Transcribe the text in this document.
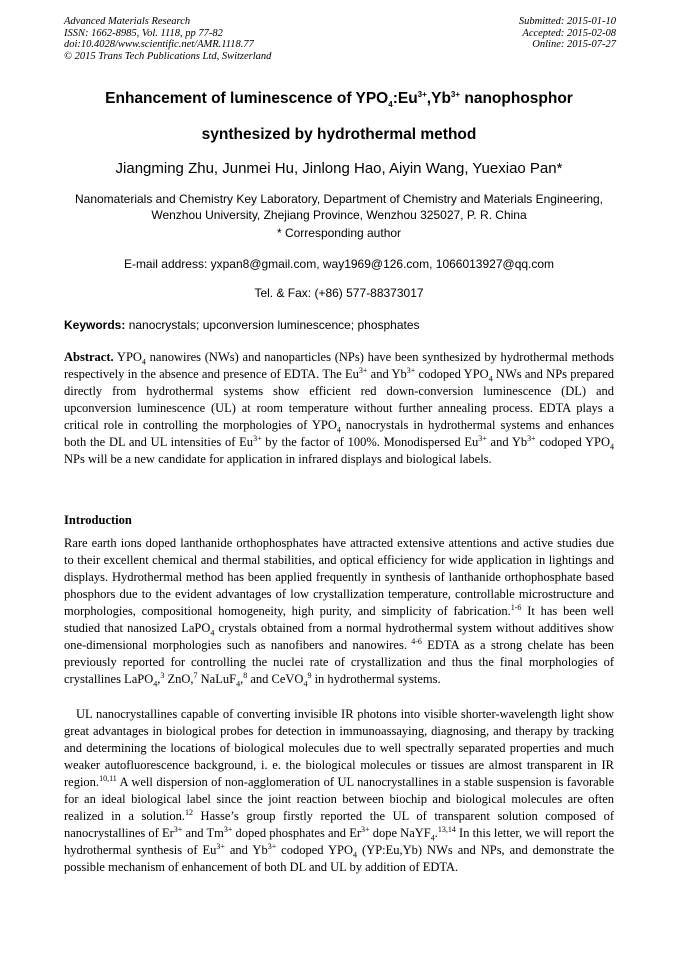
Advanced Materials Research
ISSN: 1662-8985, Vol. 1118, pp 77-82
doi:10.4028/www.scientific.net/AMR.1118.77
© 2015 Trans Tech Publications Ltd, Switzerland
Submitted: 2015-01-10
Accepted: 2015-02-08
Online: 2015-07-27
Enhancement of luminescence of $YPO_4:Eu^{3+},Yb^{3+}$ nanophosphor
synthesized by hydrothermal method
Jiangming Zhu, Junmei Hu, Jinlong Hao, Aiyin Wang, Yuexiao Pan*
Nanomaterials and Chemistry Key Laboratory, Department of Chemistry and Materials Engineering,
Wenzhou University, Zhejiang Province, Wenzhou 325027, P. R. China
* Corresponding author
E-mail address: yxpan8@gmail.com, way1969@126.com, 1066013927@qq.com
Tel. & Fax: (+86) 577-88373017
Keywords: nanocrystals; upconversion luminescence; phosphates
Abstract. $YPO_4$ nanowires (NWs) and nanoparticles (NPs) have been synthesized by hydrothermal methods respectively in the absence and presence of EDTA. The $Eu^{3+}$ and $Yb^{3+}$ codoped $YPO_4$ NWs and NPs prepared directly from hydrothermal systems show efficient red down-conversion luminescence (DL) and upconversion luminescence (UL) at room temperature without further annealing process. EDTA plays a critical role in controlling the morphologies of $YPO_4$ nanocrystals in hydrothermal systems and enhances both the DL and UL intensities of $Eu^{3+}$ by the factor of 100%. Monodispersed $Eu^{3+}$ and $Yb^{3+}$ codoped $YPO_4$ NPs will be a new candidate for application in infrared displays and biological labels.
Introduction
Rare earth ions doped lanthanide orthophosphates have attracted extensive attentions and active studies due to their excellent chemical and thermal stabilities, and optical efficiency for wide application in lightings and displays. Hydrothermal method has been applied frequently in synthesis of lanthanide orthophosphate based phosphors due to the evident advantages of low crystallization temperature, controllable microstructure and morphologies, compositional homogeneity, high purity, and simplicity of fabrication.$^{1-6}$ It has been well studied that nanosized LaPO$_4$ crystals obtained from a normal hydrothermal system without additives show one-dimensional morphologies such as nanofibers and nanowires. $^{4-6}$ EDTA as a strong chelate has been previously reported for controlling the nuclei rate of crystallization and thus the final morphologies of crystallines LaPO$_4$,$^3$ ZnO,$^7$ NaLuF$_4$,$^8$ and CeVO$_4^9$ in hydrothermal systems.
UL nanocrystallines capable of converting invisible IR photons into visible shorter-wavelength light show great advantages in biological probes for detection in immunoassaying, diagnosing, and therapy by tracking and determining the locations of biological molecules due to well spectrally separated properties and much weaker autofluorescence background, i. e. the biological molecules or tissues are almost transparent in IR region.$^{10,11}$ A well dispersion of non-agglomeration of UL nanocrystallines in a stable suspension is favorable for an ideal biological label since the joint reaction between biochip and biological molecules are often realized in a solution.$^{12}$ Hasse’s group firstly reported the UL of transparent solution composed of nanocrystallines of $Er^{3+}$ and $Tm^{3+}$ doped phosphates and $Er^{3+}$ dope NaYF$_4$.$^{13,14}$ In this letter, we will report the hydrothermal synthesis of $Eu^{3+}$ and $Yb^{3+}$ codoped $YPO_4$ (YP:Eu,Yb) NWs and NPs, and demonstrate the possible mechanism of enhancement of both DL and UL by addition of EDTA.
